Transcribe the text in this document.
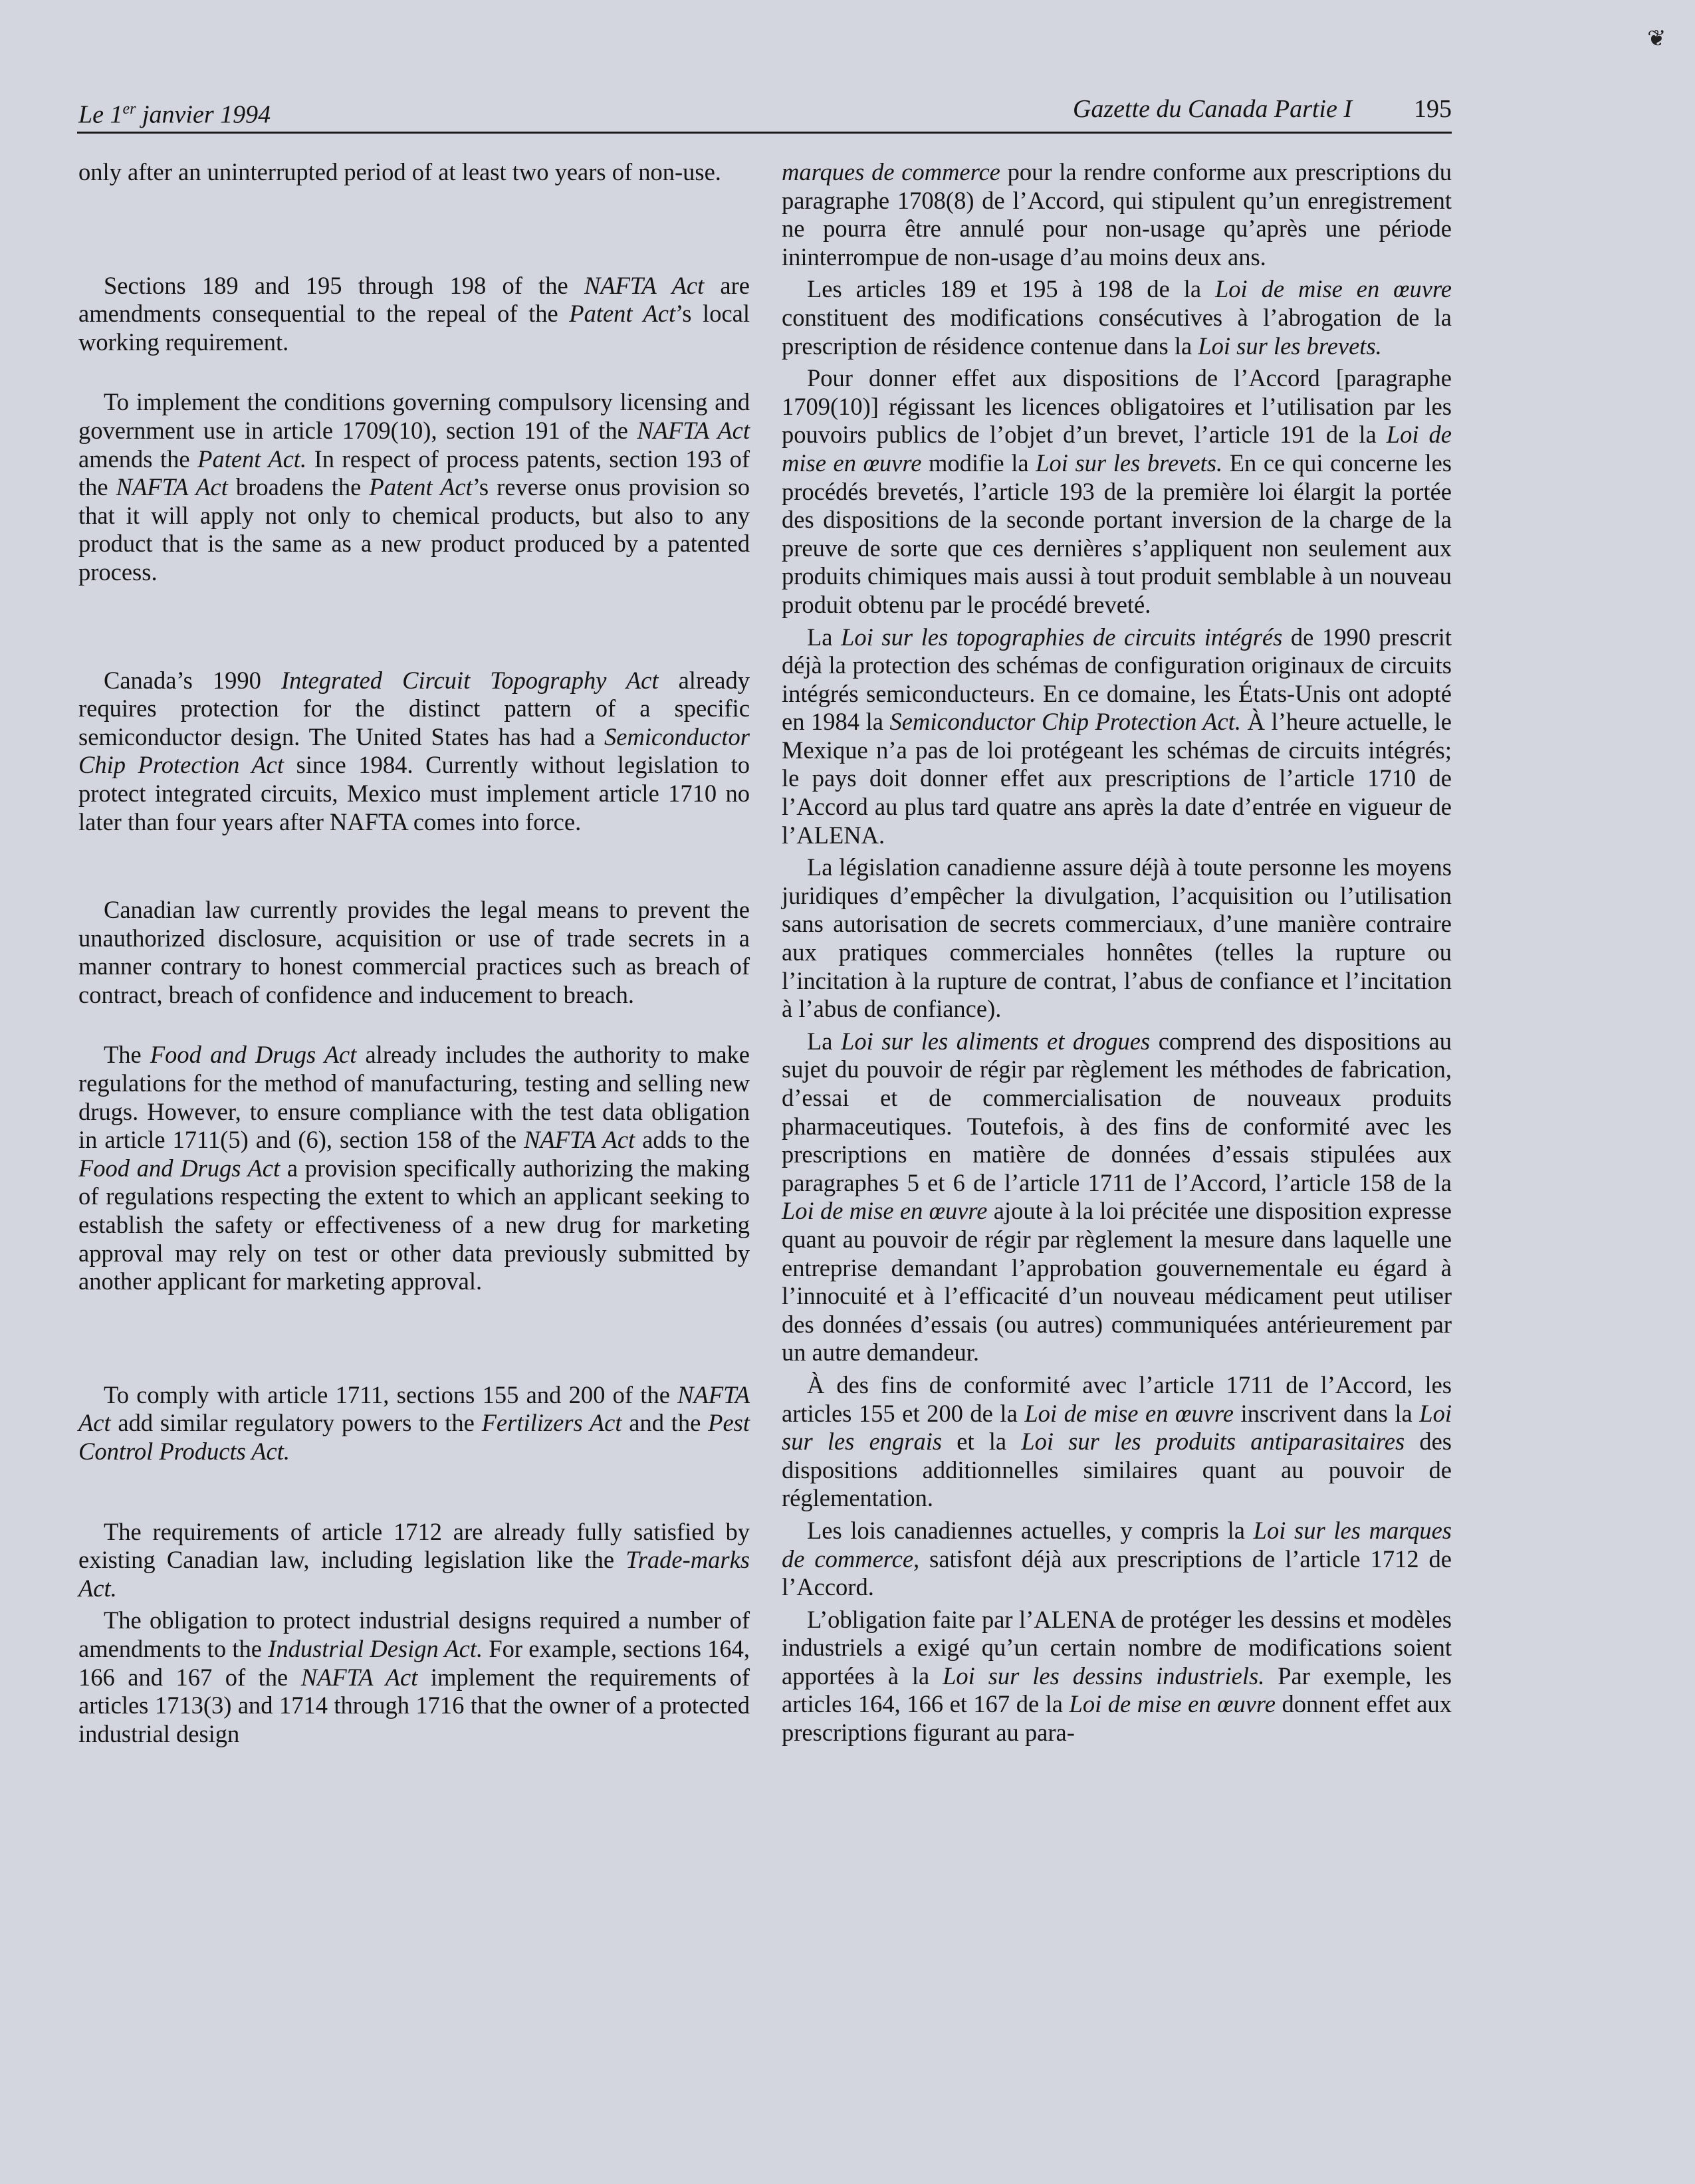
Le 1er janvier 1994	Gazette du Canada Partie I 195
❦

only after an uninterrupted period of at least two years of non-use.

Sections 189 and 195 through 198 of the NAFTA Act are amendments consequential to the repeal of the Patent Act’s local working requirement.

To implement the conditions governing compulsory licensing and government use in article 1709(10), section 191 of the NAFTA Act amends the Patent Act. In respect of process patents, section 193 of the NAFTA Act broadens the Patent Act’s reverse onus provision so that it will apply not only to chemical products, but also to any product that is the same as a new product produced by a patented process.

Canada’s 1990 Integrated Circuit Topography Act already requires protection for the distinct pattern of a specific semiconductor design. The United States has had a Semiconductor Chip Protection Act since 1984. Currently without legislation to protect integrated circuits, Mexico must implement article 1710 no later than four years after NAFTA comes into force.

Canadian law currently provides the legal means to prevent the unauthorized disclosure, acquisition or use of trade secrets in a manner contrary to honest commercial practices such as breach of contract, breach of confidence and inducement to breach.

The Food and Drugs Act already includes the authority to make regulations for the method of manufacturing, testing and selling new drugs. However, to ensure compliance with the test data obligation in article 1711(5) and (6), section 158 of the NAFTA Act adds to the Food and Drugs Act a provision specifically authorizing the making of regulations respecting the extent to which an applicant seeking to establish the safety or effectiveness of a new drug for marketing approval may rely on test or other data previously submitted by another applicant for marketing approval.

To comply with article 1711, sections 155 and 200 of the NAFTA Act add similar regulatory powers to the Fertilizers Act and the Pest Control Products Act.

The requirements of article 1712 are already fully satisfied by existing Canadian law, including legislation like the Trade-marks Act.

The obligation to protect industrial designs required a number of amendments to the Industrial Design Act. For example, sections 164, 166 and 167 of the NAFTA Act implement the requirements of articles 1713(3) and 1714 through 1716 that the owner of a protected industrial design

marques de commerce pour la rendre conforme aux prescriptions du paragraphe 1708(8) de l’Accord, qui stipulent qu’un enregistrement ne pourra être annulé pour non-usage qu’après une période ininterrompue de non-usage d’au moins deux ans.

Les articles 189 et 195 à 198 de la Loi de mise en œuvre constituent des modifications consécutives à l’abrogation de la prescription de résidence contenue dans la Loi sur les brevets.

Pour donner effet aux dispositions de l’Accord [paragraphe 1709(10)] régissant les licences obligatoires et l’utilisation par les pouvoirs publics de l’objet d’un brevet, l’article 191 de la Loi de mise en œuvre modifie la Loi sur les brevets. En ce qui concerne les procédés brevetés, l’article 193 de la première loi élargit la portée des dispositions de la seconde portant inversion de la charge de la preuve de sorte que ces dernières s’appliquent non seulement aux produits chimiques mais aussi à tout produit semblable à un nouveau produit obtenu par le procédé breveté.

La Loi sur les topographies de circuits intégrés de 1990 prescrit déjà la protection des schémas de configuration originaux de circuits intégrés semiconducteurs. En ce domaine, les États-Unis ont adopté en 1984 la Semiconductor Chip Protection Act. À l’heure actuelle, le Mexique n’a pas de loi protégeant les schémas de circuits intégrés; le pays doit donner effet aux prescriptions de l’article 1710 de l’Accord au plus tard quatre ans après la date d’entrée en vigueur de l’ALENA.

La législation canadienne assure déjà à toute personne les moyens juridiques d’empêcher la divulgation, l’acquisition ou l’utilisation sans autorisation de secrets commerciaux, d’une manière contraire aux pratiques commerciales honnêtes (telles la rupture ou l’incitation à la rupture de contrat, l’abus de confiance et l’incitation à l’abus de confiance).

La Loi sur les aliments et drogues comprend des dispositions au sujet du pouvoir de régir par règlement les méthodes de fabrication, d’essai et de commercialisation de nouveaux produits pharmaceutiques. Toutefois, à des fins de conformité avec les prescriptions en matière de données d’essais stipulées aux paragraphes 5 et 6 de l’article 1711 de l’Accord, l’article 158 de la Loi de mise en œuvre ajoute à la loi précitée une disposition expresse quant au pouvoir de régir par règlement la mesure dans laquelle une entreprise demandant l’approbation gouvernementale eu égard à l’innocuité et à l’efficacité d’un nouveau médicament peut utiliser des données d’essais (ou autres) communiquées antérieurement par un autre demandeur.

À des fins de conformité avec l’article 1711 de l’Accord, les articles 155 et 200 de la Loi de mise en œuvre inscrivent dans la Loi sur les engrais et la Loi sur les produits antiparasitaires des dispositions additionnelles similaires quant au pouvoir de réglementation.

Les lois canadiennes actuelles, y compris la Loi sur les marques de commerce, satisfont déjà aux prescriptions de l’article 1712 de l’Accord.

L’obligation faite par l’ALENA de protéger les dessins et modèles industriels a exigé qu’un certain nombre de modifications soient apportées à la Loi sur les dessins industriels. Par exemple, les articles 164, 166 et 167 de la Loi de mise en œuvre donnent effet aux prescriptions figurant au para-
